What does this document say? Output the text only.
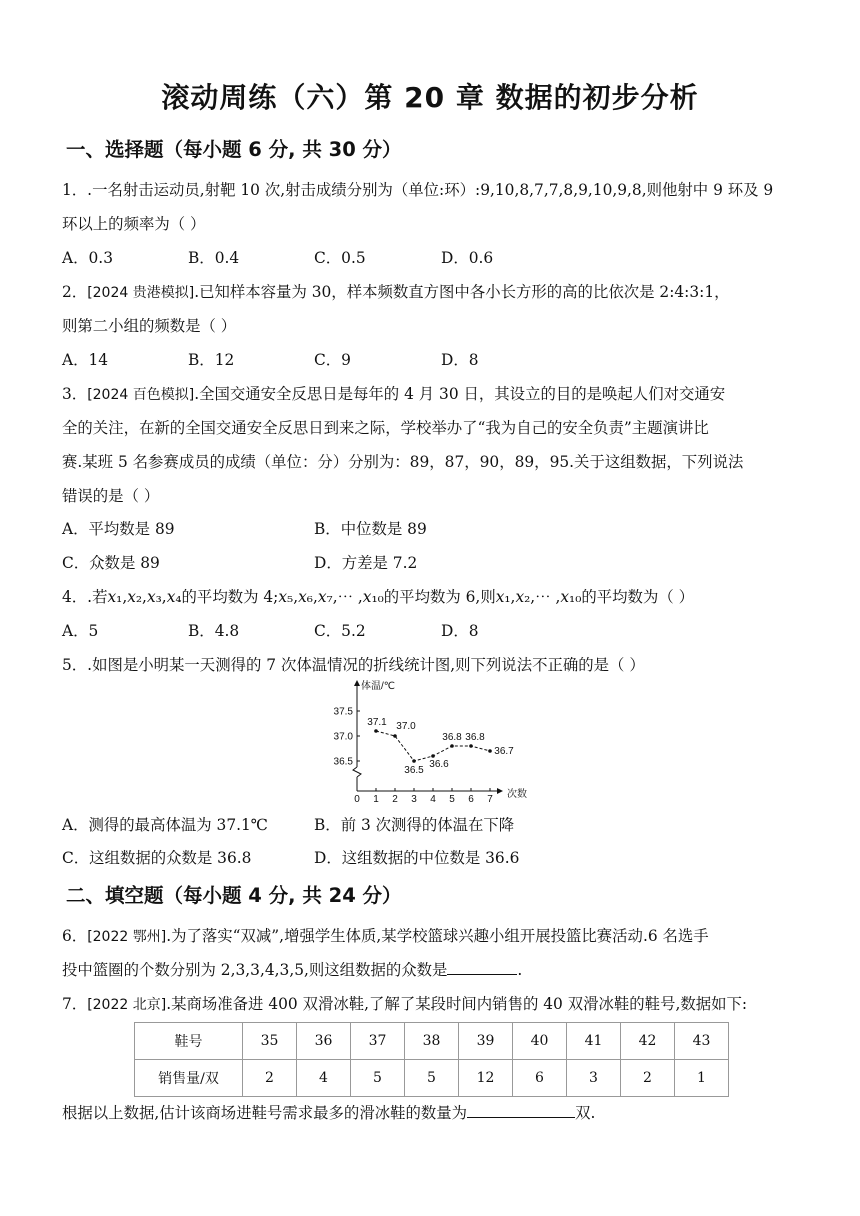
滚动周练（六）第 20 章 数据的初步分析
一、选择题（每小题 6 分, 共 30 分）
1．.一名射击运动员,射靶 10 次,射击成绩分别为（单位:环）:9,10,8,7,7,8,9,10,9,8,则他射中 9 环及 9
环以上的频率为（ ）
A．0.3	B．0.4	C．0.5	D．0.6
2．[2024 贵港模拟].已知样本容量为 30，样本频数直方图中各小长方形的高的比依次是 2:4:3:1，
则第二小组的频数是（ ）
A．14	B．12	C．9	D．8
3．[2024 百色模拟].全国交通安全反思日是每年的 4 月 30 日，其设立的目的是唤起人们对交通安
全的关注，在新的全国交通安全反思日到来之际，学校举办了“我为自己的安全负责”主题演讲比
赛.某班 5 名参赛成员的成绩（单位：分）分别为：89，87，90，89，95.关于这组数据，下列说法
错误的是（ ）
A．平均数是 89	B．中位数是 89
C．众数是 89	D．方差是 7.2
4．.若𝑥₁,𝑥₂,𝑥₃,𝑥₄的平均数为 4;𝑥₅,𝑥₆,𝑥₇,⋯ ,𝑥₁₀的平均数为 6,则𝑥₁,𝑥₂,⋯ ,𝑥₁₀的平均数为（ ）
A．5	B．4.8	C．5.2	D．8
5．.如图是小明某一天测得的 7 次体温情况的折线统计图,则下列说法不正确的是（ ）
36.5
37.0
37.5
0 1 2 3 4 5 6 7
37.1 37.0
36.5
36.6
36.8 36.8
36.7
体温/℃
次数
A．测得的最高体温为 37.1℃	B．前 3 次测得的体温在下降
C．这组数据的众数是 36.8	D．这组数据的中位数是 36.6
二、填空题（每小题 4 分, 共 24 分）
6．[2022 鄂州].为了落实“双减”,增强学生体质,某学校篮球兴趣小组开展投篮比赛活动.6 名选手
投中篮圈的个数分别为 2,3,3,4,3,5,则这组数据的众数是	.
7．[2022 北京].某商场准备进 400 双滑冰鞋,了解了某段时间内销售的 40 双滑冰鞋的鞋号,数据如下:
鞋号	35	36	37	38	39	40	41	42	43
销售量/双	2	4	5	5	12	6	3	2	1
根据以上数据,估计该商场进鞋号需求最多的滑冰鞋的数量为	双.
